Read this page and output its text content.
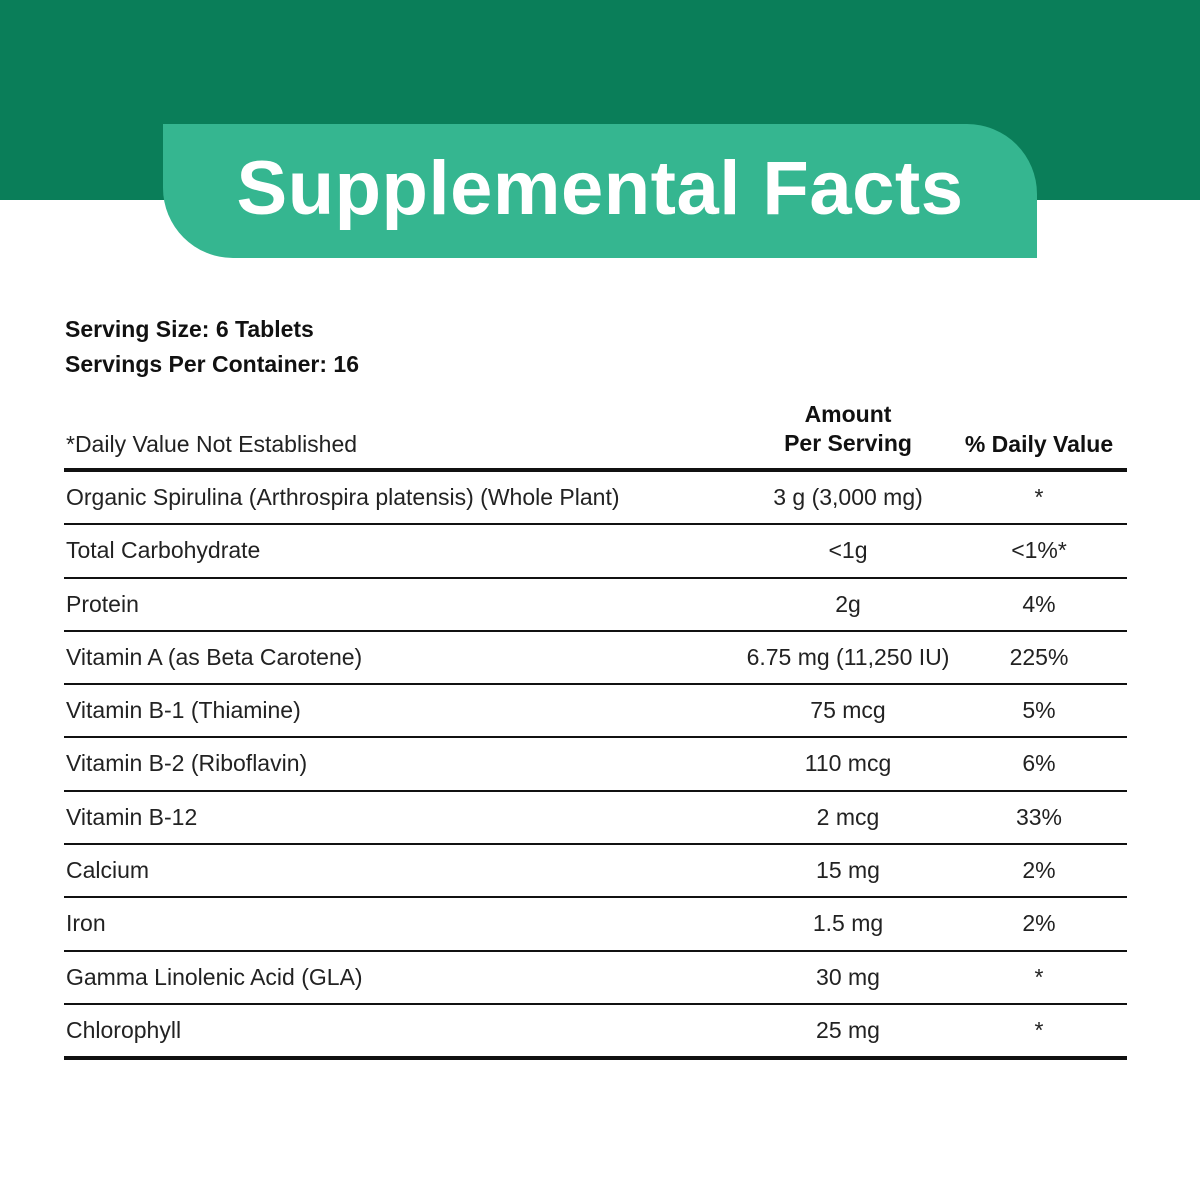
Supplemental Facts
Serving Size: 6 Tablets
Servings Per Container: 16
*Daily Value Not Established
Amount
Per Serving	% Daily Value
Organic Spirulina (Arthrospira platensis) (Whole Plant)	3 g (3,000 mg)	*
Total Carbohydrate	<1g	<1%*
Protein	2g	4%
Vitamin A (as Beta Carotene)	6.75 mg (11,250 IU)	225%
Vitamin B-1 (Thiamine)	75 mcg	5%
Vitamin B-2 (Riboflavin)	110 mcg	6%
Vitamin B-12	2 mcg	33%
Calcium	15 mg	2%
Iron	1.5 mg	2%
Gamma Linolenic Acid (GLA)	30 mg	*
Chlorophyll	25 mg	*
